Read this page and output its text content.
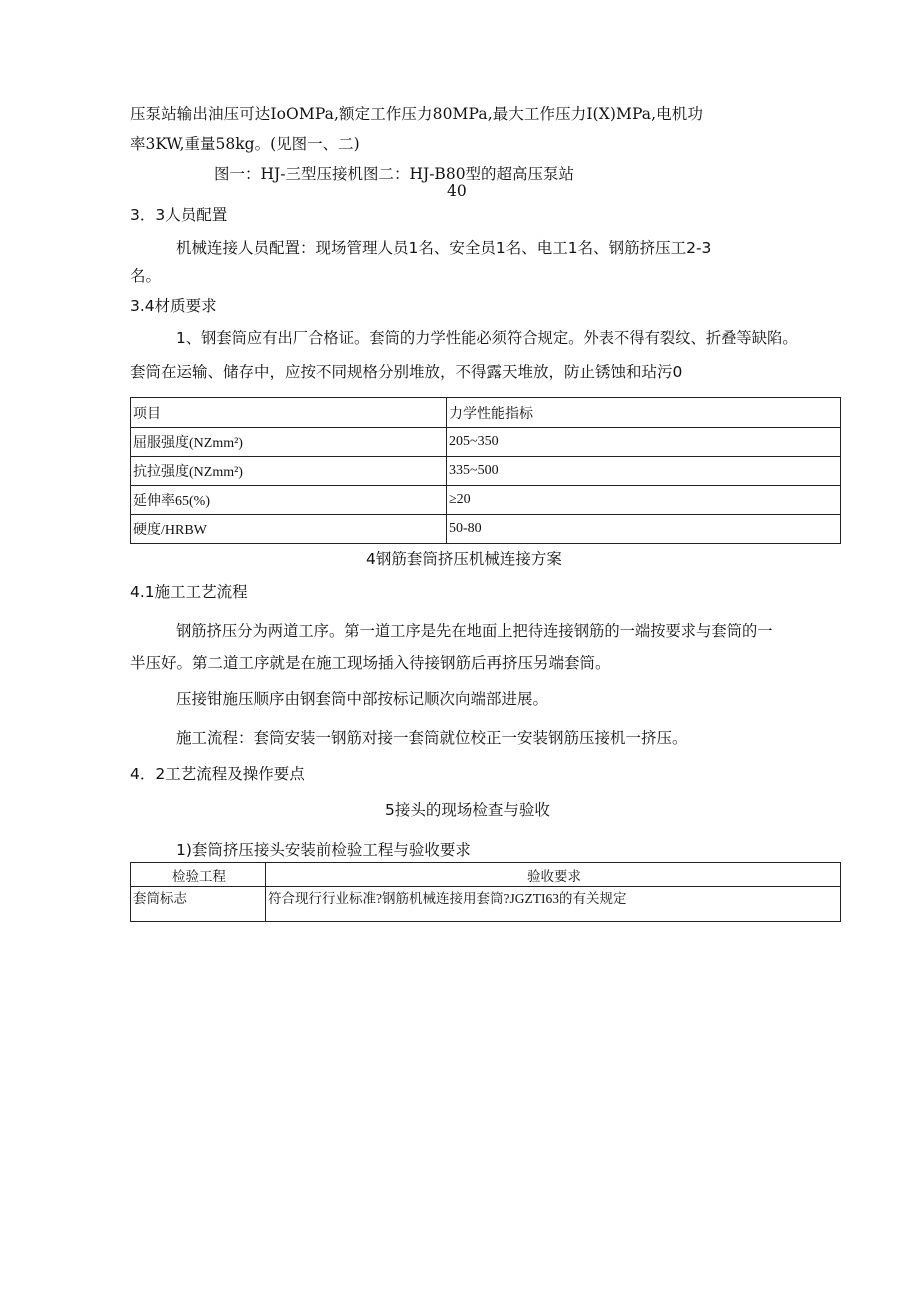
压泵站输出油压可达IoOMPa,额定工作压力80MPa,最大工作压力I(X)MPa,电机功
率3KW,重量58kg。(见图一、二)
图一：HJ-三型压接机图二：HJ-B80型的超高压泵站
40
3．3人员配置
机械连接人员配置：现场管理人员1名、安全员1名、电工1名、钢筋挤压工2-3
名。
3.4材质要求
1、钢套筒应有出厂合格证。套筒的力学性能必须符合规定。外表不得有裂纹、折叠等缺陷。
套筒在运输、储存中，应按不同规格分别堆放，不得露天堆放，防止锈蚀和玷污0
项目	力学性能指标
屈服强度(NZmm²)	205~350
抗拉强度(NZmm²)	335~500
延伸率65(%)	≥20
硬度/HRBW	50-80
4钢筋套筒挤压机械连接方案
4.1施工工艺流程
钢筋挤压分为两道工序。第一道工序是先在地面上把待连接钢筋的一端按要求与套筒的一
半压好。第二道工序就是在施工现场插入待接钢筋后再挤压另端套筒。
压接钳施压顺序由钢套筒中部按标记顺次向端部进展。
施工流程：套筒安装一钢筋对接一套筒就位校正一安装钢筋压接机一挤压。
4．2工艺流程及操作要点
5接头的现场检查与验收
1)套筒挤压接头安装前检验工程与验收要求
检验工程	验收要求
套筒标志	符合现行行业标准?钢筋机械连接用套筒?JGZTI63的有关规定
